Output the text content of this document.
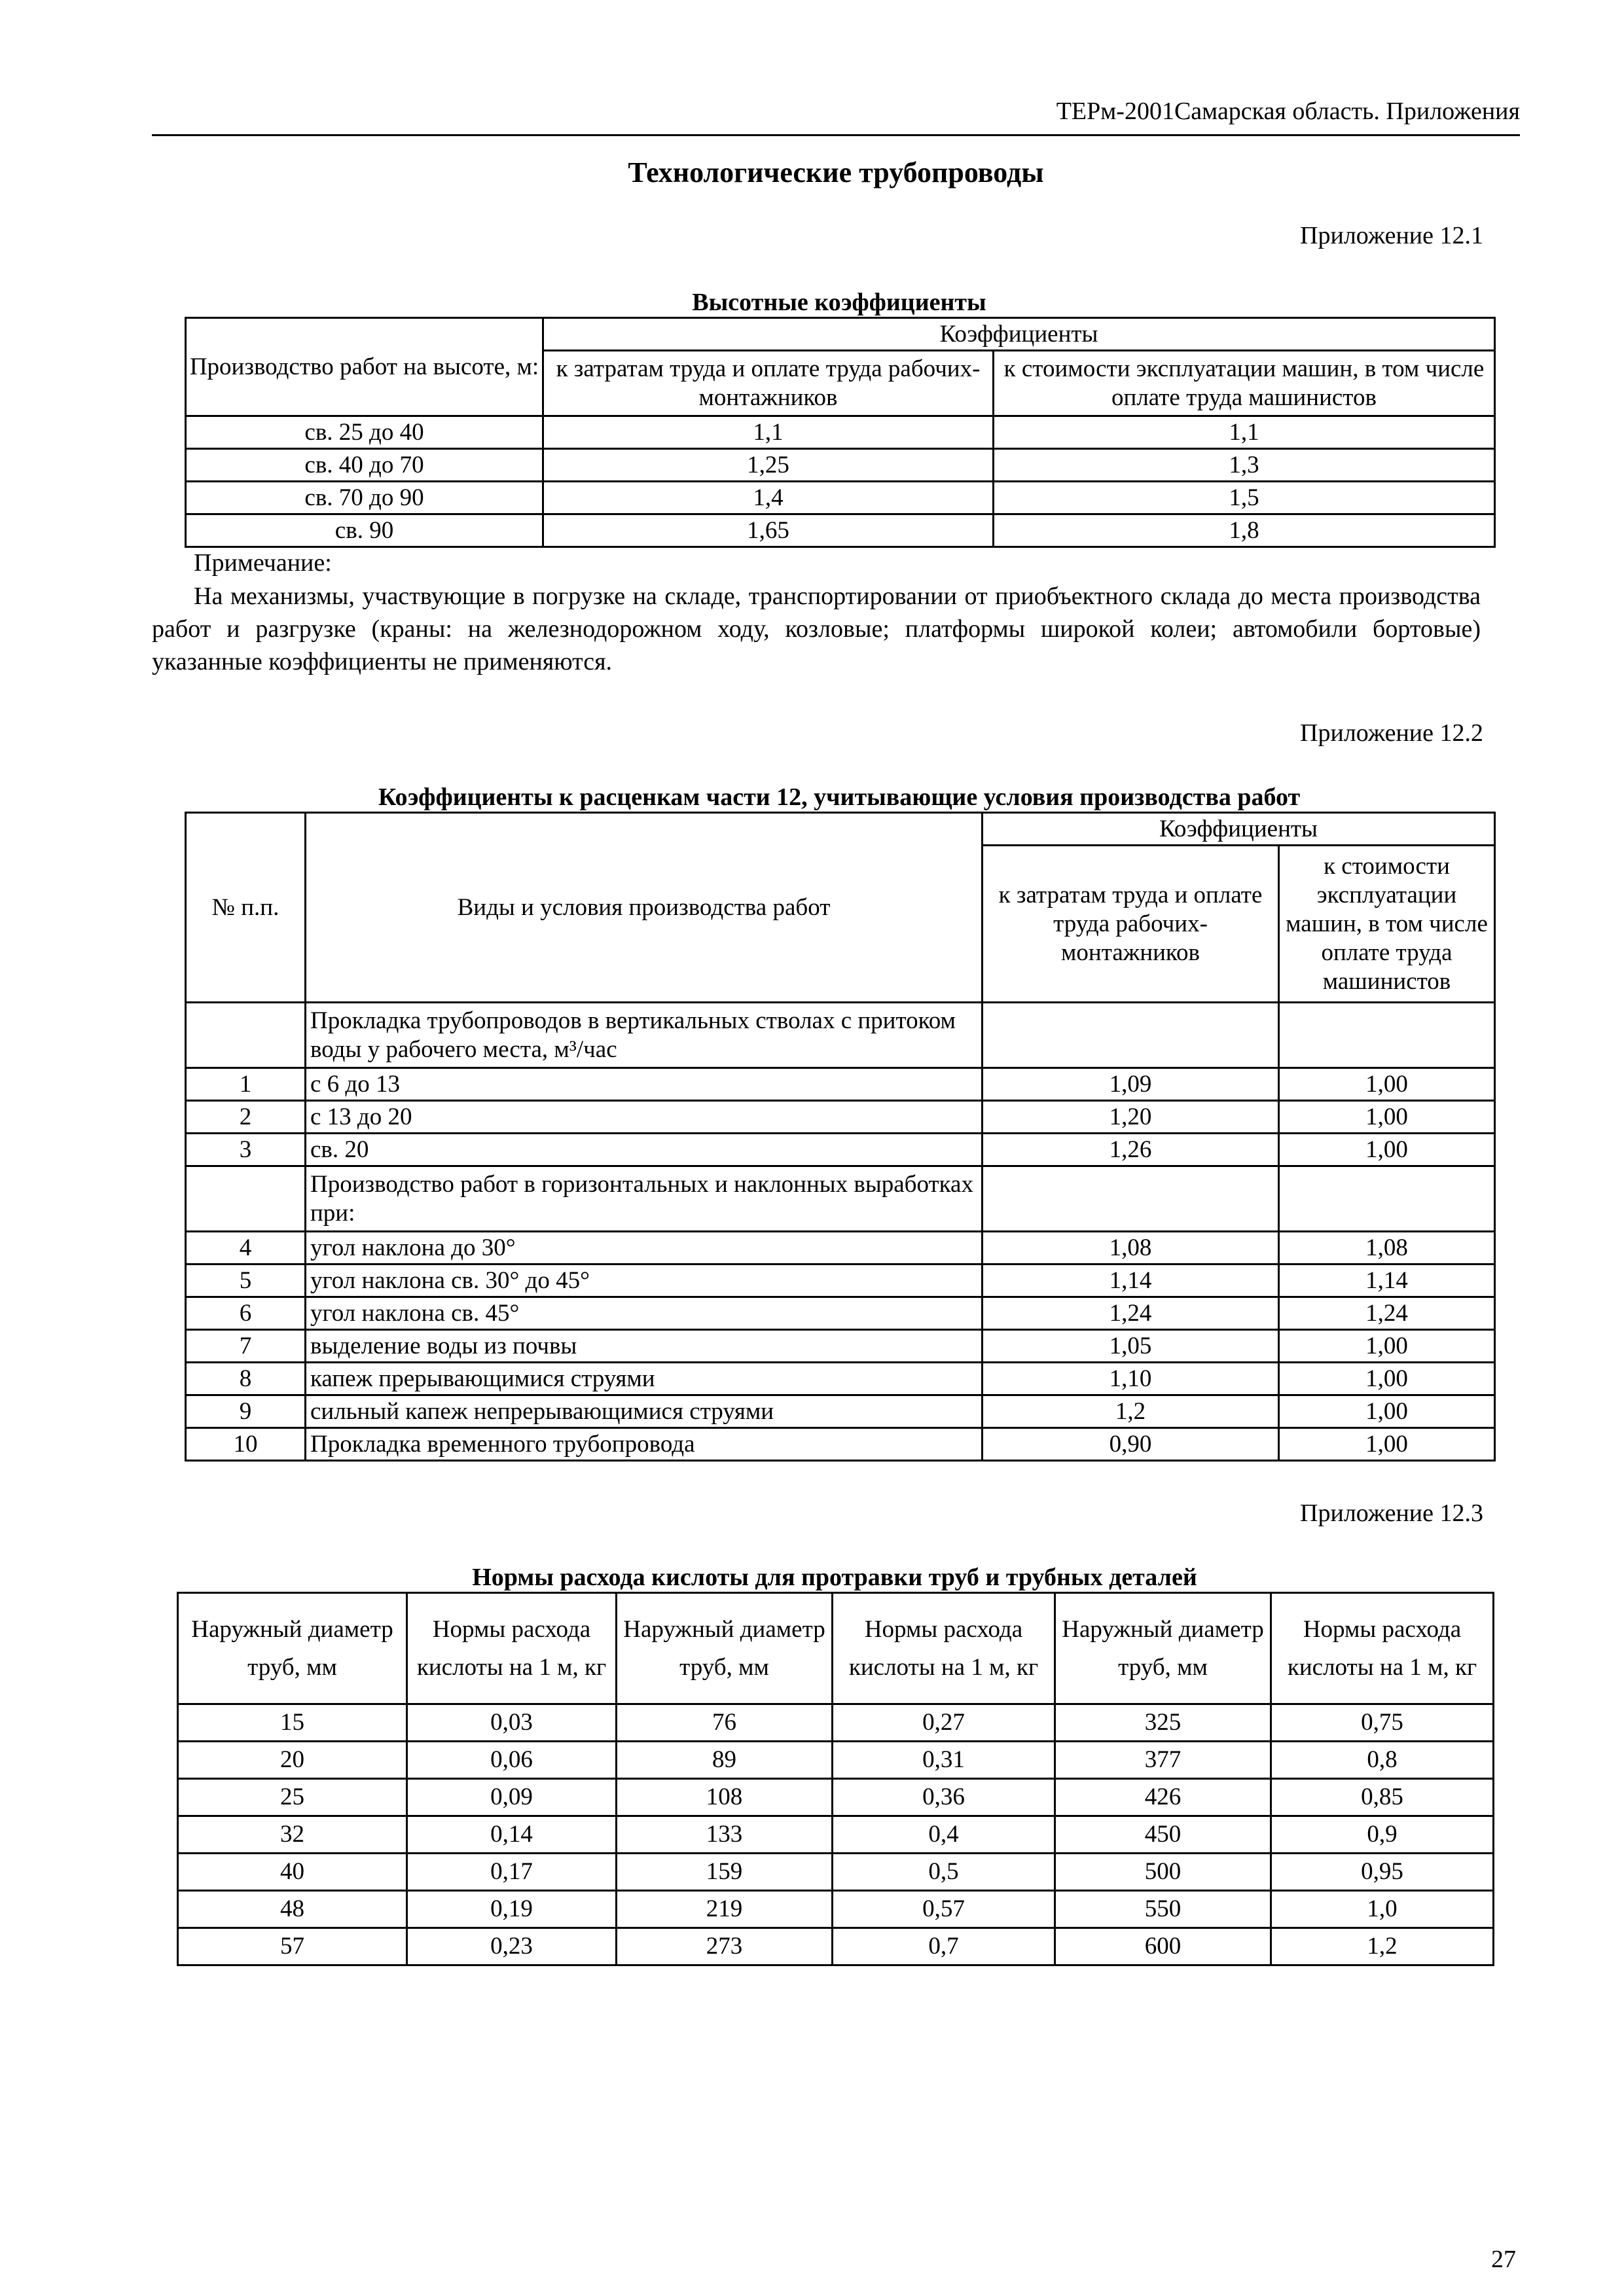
ТЕРм-2001Самарская область. Приложения
Технологические трубопроводы
Приложение 12.1
Высотные коэффициенты
Производство работ на высоте, м:	Коэффициенты	
	к затратам труда и оплате труда рабочих-монтажников	к стоимости эксплуатации машин, в том числе оплате труда машинистов
св. 25 до 40	1,1	1,1
св. 40 до 70	1,25	1,3
св. 70 до 90	1,4	1,5
св. 90	1,65	1,8
Примечание:
На механизмы, участвующие в погрузке на складе, транспортировании от приобъектного склада до места производства работ и разгрузке (краны: на железнодорожном ходу, козловые; платформы широкой колеи; автомобили бортовые) указанные коэффициенты не применяются.
Приложение 12.2
Коэффициенты к расценкам части 12, учитывающие условия производства работ
№ п.п.	Виды и условия производства работ	Коэффициенты	
		к затратам труда и оплате труда рабочих-монтажников	к стоимости эксплуатации машин, в том числе оплате труда машинистов
	Прокладка трубопроводов в вертикальных стволах с притоком воды у рабочего места, м³/час		
1	с 6 до 13	1,09	1,00
2	с 13 до 20	1,20	1,00
3	св. 20	1,26	1,00
	Производство работ в горизонтальных и наклонных выработках при:		
4	угол наклона до 30°	1,08	1,08
5	угол наклона св. 30° до 45°	1,14	1,14
6	угол наклона св. 45°	1,24	1,24
7	выделение воды из почвы	1,05	1,00
8	капеж прерывающимися струями	1,10	1,00
9	сильный капеж непрерывающимися струями	1,2	1,00
10	Прокладка временного трубопровода	0,90	1,00
Приложение 12.3
Нормы расхода кислоты для протравки труб и трубных деталей
Наружный диаметр труб, мм	Нормы расхода кислоты на 1 м, кг	Наружный диаметр труб, мм	Нормы расхода кислоты на 1 м, кг	Наружный диаметр труб, мм	Нормы расхода кислоты на 1 м, кг
15	0,03	76	0,27	325	0,75
20	0,06	89	0,31	377	0,8
25	0,09	108	0,36	426	0,85
32	0,14	133	0,4	450	0,9
40	0,17	159	0,5	500	0,95
48	0,19	219	0,57	550	1,0
57	0,23	273	0,7	600	1,2
27
